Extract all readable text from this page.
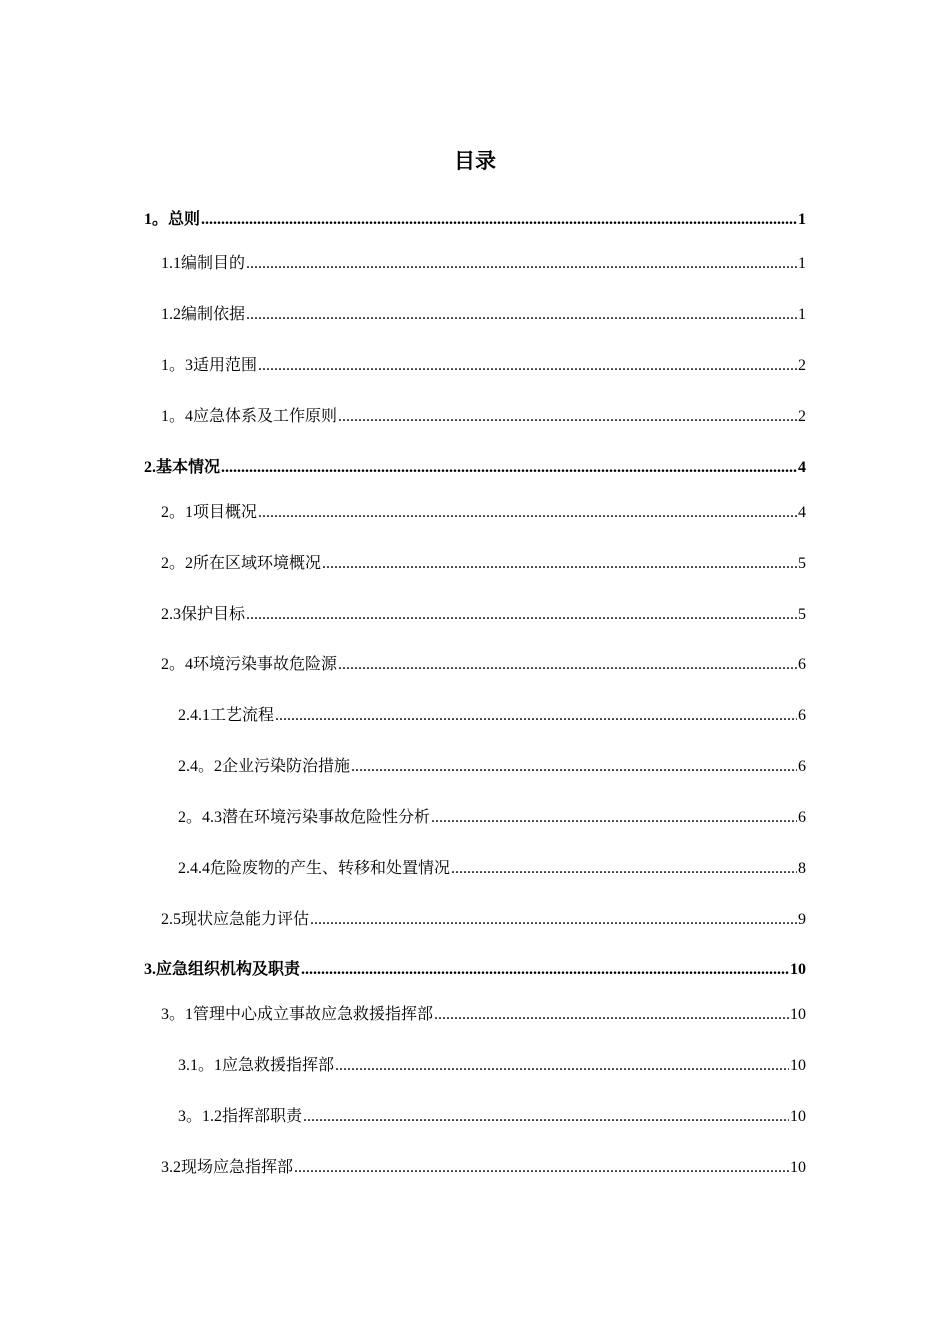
目录
1。总则 .....	1
1.1编制目的 .....	1
1.2编制依据 .....	1
1。3适用范围 .....	2
1。4应急体系及工作原则 .....	2
2.基本情况 .....	4
2。1项目概况 .....	4
2。2所在区域环境概况 .....	5
2.3保护目标 .....	5
2。4环境污染事故危险源 .....	6
2.4.1工艺流程 .....	6
2.4。2企业污染防治措施 .....	6
2。4.3潜在环境污染事故危险性分析 .....	6
2.4.4危险废物的产生、转移和处置情况 .....	8
2.5现状应急能力评估 .....	9
3.应急组织机构及职责 .....	10
3。1管理中心成立事故应急救援指挥部 .....	10
3.1。1应急救援指挥部 .....	10
3。1.2指挥部职责 .....	10
3.2现场应急指挥部 .....	10
